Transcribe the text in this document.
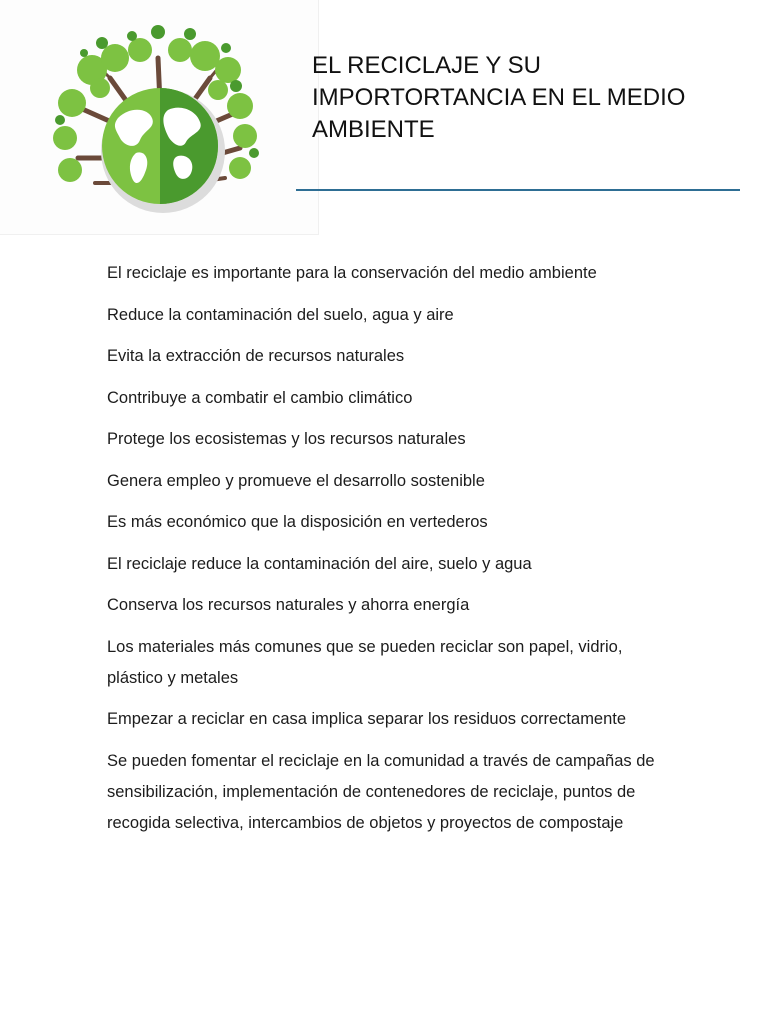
EL RECICLAJE Y SU IMPORTORTANCIA EN EL MEDIO AMBIENTE
El reciclaje es importante para la conservación del medio ambiente
Reduce la contaminación del suelo, agua y aire
Evita la extracción de recursos naturales
Contribuye a combatir el cambio climático
Protege los ecosistemas y los recursos naturales
Genera empleo y promueve el desarrollo sostenible
Es más económico que la disposición en vertederos
El reciclaje reduce la contaminación del aire, suelo y agua
Conserva los recursos naturales y ahorra energía
Los materiales más comunes que se pueden reciclar son papel, vidrio, plástico y metales
Empezar a reciclar en casa implica separar los residuos correctamente
Se pueden fomentar el reciclaje en la comunidad a través de campañas de sensibilización, implementación de contenedores de reciclaje, puntos de recogida selectiva, intercambios de objetos y proyectos de compostaje
